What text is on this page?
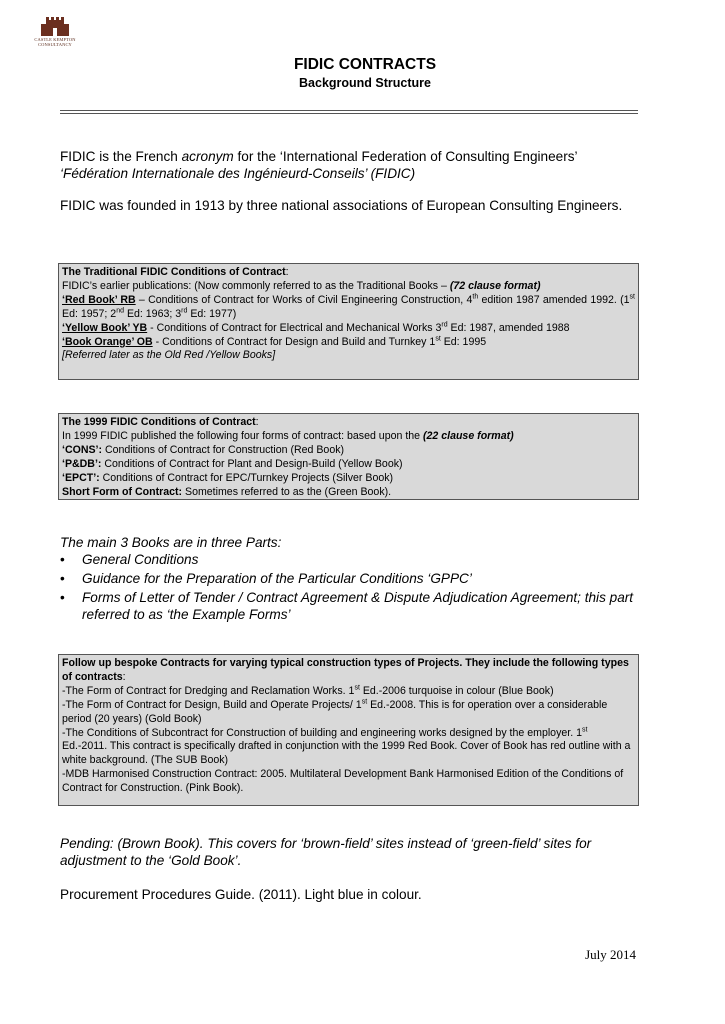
CASTLE KEMPTON CONSULTANCY
FIDIC CONTRACTS
Background Structure
FIDIC is the French acronym for the ‘International Federation of Consulting Engineers’
‘Fédération Internationale des Ingénieurd-Conseils’ (FIDIC)
FIDIC was founded in 1913 by three national associations of European Consulting Engineers.
The Traditional FIDIC Conditions of Contract:
FIDIC’s earlier publications: (Now commonly referred to as the Traditional Books – (72 clause format)
‘Red Book’ RB – Conditions of Contract for Works of Civil Engineering Construction, 4th edition 1987 amended 1992. (1st Ed: 1957; 2nd Ed: 1963; 3rd Ed: 1977)
‘Yellow Book’ YB - Conditions of Contract for Electrical and Mechanical Works 3rd Ed: 1987, amended 1988
‘Book Orange’ OB - Conditions of Contract for Design and Build and Turnkey 1st Ed: 1995
[Referred later as the Old Red /Yellow Books]
The 1999 FIDIC Conditions of Contract:
In 1999 FIDIC published the following four forms of contract: based upon the (22 clause format)
‘CONS’: Conditions of Contract for Construction (Red Book)
‘P&DB’: Conditions of Contract for Plant and Design-Build (Yellow Book)
‘EPCT’: Conditions of Contract for EPC/Turnkey Projects (Silver Book)
Short Form of Contract: Sometimes referred to as the (Green Book).
The main 3 Books are in three Parts:
• General Conditions
• Guidance for the Preparation of the Particular Conditions ‘GPPC’
• Forms of Letter of Tender / Contract Agreement & Dispute Adjudication Agreement; this part referred to as ‘the Example Forms’
Follow up bespoke Contracts for varying typical construction types of Projects. They include the following types of contracts:
-The Form of Contract for Dredging and Reclamation Works. 1st Ed.-2006 turquoise in colour (Blue Book)
-The Form of Contract for Design, Build and Operate Projects/ 1st Ed.-2008. This is for operation over a considerable period (20 years) (Gold Book)
-The Conditions of Subcontract for Construction of building and engineering works designed by the employer. 1st Ed.-2011. This contract is specifically drafted in conjunction with the 1999 Red Book. Cover of Book has red outline with a white background. (The SUB Book)
-MDB Harmonised Construction Contract: 2005. Multilateral Development Bank Harmonised Edition of the Conditions of Contract for Construction. (Pink Book).
Pending: (Brown Book). This covers for ‘brown-field’ sites instead of ‘green-field’ sites for adjustment to the ‘Gold Book’.
Procurement Procedures Guide. (2011). Light blue in colour.
July 2014
